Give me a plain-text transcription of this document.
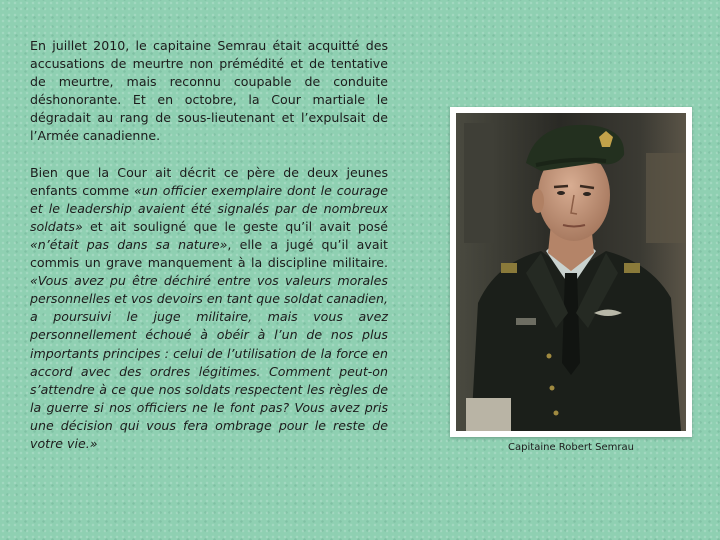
En juillet 2010, le capitaine Semrau était acquitté des accusations de meurtre non prémédité et de tentative de meurtre, mais reconnu coupable de conduite déshonorante. Et en octobre, la Cour martiale le dégradait au rang de sous-lieutenant et l’expulsait de l’Armée canadienne.

Bien que la Cour ait décrit ce père de deux jeunes enfants comme «un officier exemplaire dont le courage et le leadership avaient été signalés par de nombreux soldats» et ait souligné que le geste qu’il avait posé «n’était pas dans sa nature», elle a jugé qu’il avait commis un grave manquement à la discipline militaire. «Vous avez pu être déchiré entre vos valeurs morales personnelles et vos devoirs en tant que soldat canadien, a poursuivi le juge militaire, mais vous avez personnellement échoué à obéir à l’un de nos plus importants principes : celui de l’utilisation de la force en accord avec des ordres légitimes. Comment peut-on s’attendre à ce que nos soldats respectent les règles de la guerre si nos officiers ne le font pas? Vous avez pris une décision qui vous fera ombrage pour le reste de votre vie.»	Capitaine Robert Semrau
